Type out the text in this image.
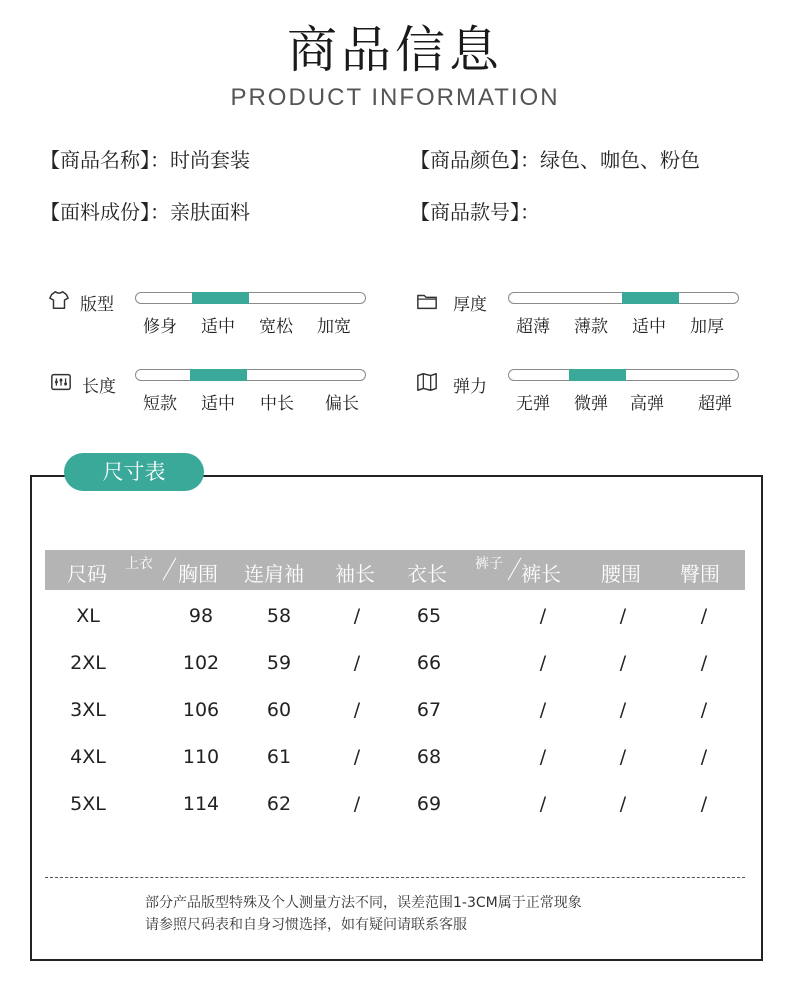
商品信息
PRODUCT INFORMATION
【商品名称】：时尚套装	【商品颜色】：绿色、咖色、粉色
【面料成份】：亲肤面料	【商品款号】：
版型
修身 适中 宽松 加宽
厚度
超薄 薄款 适中 加厚
长度
短款 适中 中长 偏长
弹力
无弹 微弹 高弹 超弹
尺寸表
尺码 上衣 胸围 连肩袖 袖长 衣长 裤子 裤长 腰围 臀围
XL	98	58	/	65	/	/	/
2XL	102	59	/	66	/	/	/
3XL	106	60	/	67	/	/	/
4XL	110	61	/	68	/	/	/
5XL	114	62	/	69	/	/	/
部分产品版型特殊及个人测量方法不同，误差范围1-3CM属于正常现象
请参照尺码表和自身习惯选择，如有疑问请联系客服
